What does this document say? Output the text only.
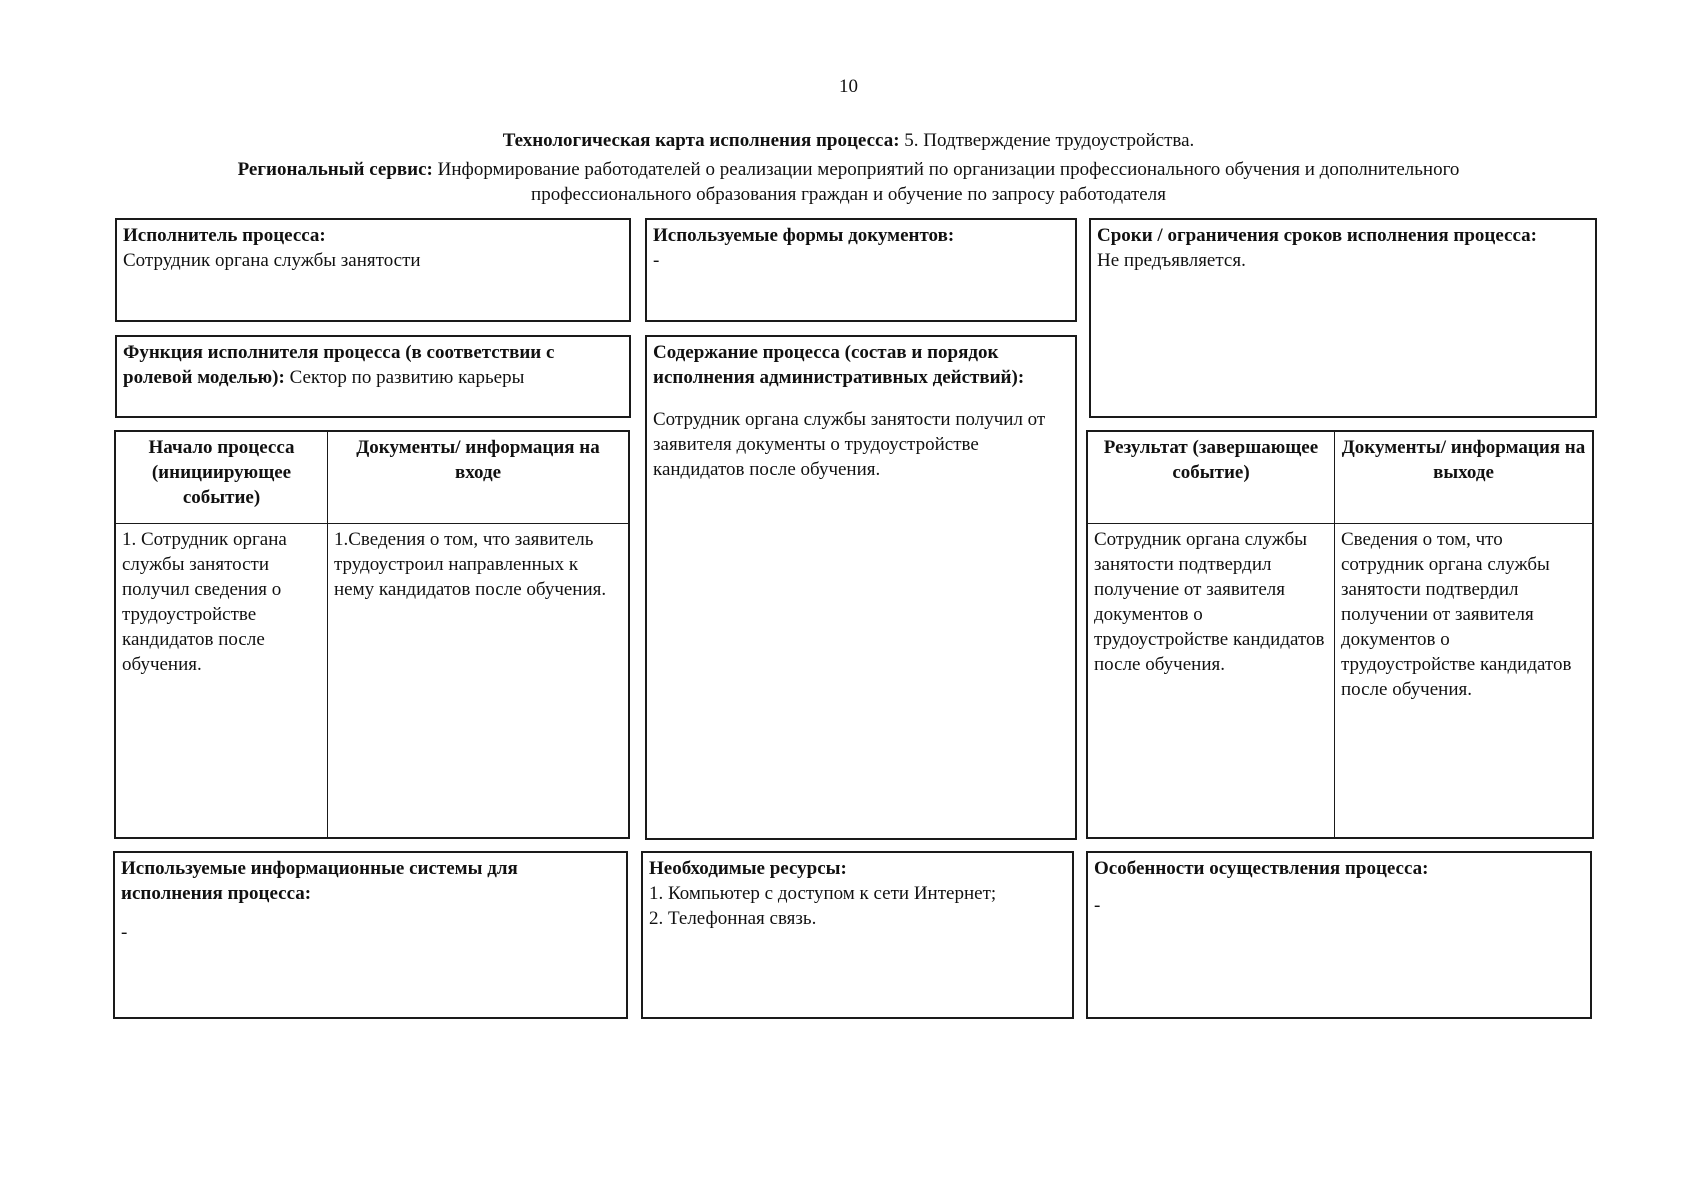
10
Технологическая карта исполнения процесса: 5. Подтверждение трудоустройства.
Региональный сервис: Информирование работодателей о реализации мероприятий по организации профессионального обучения и дополнительного
профессионального образования граждан и обучение по запросу работодателя

Исполнитель процесса:

Сотрудник органа службы занятости

Используемые формы документов:

-

Сроки / ограничения сроков исполнения процесса:

Не предъявляется.

Функция исполнителя процесса (в соответствии с ролевой моделью): Сектор по развитию карьеры

Содержание процесса (состав и порядок исполнения административных действий):

Сотрудник органа службы занятости получил от заявителя документы о трудоустройстве кандидатов после обучения.

Начало процесса (инициирующее событие)
Документы/ информация на входе
1. Сотрудник органа службы занятости получил сведения о трудоустройстве кандидатов после обучения.
1.Сведения о том, что заявитель трудоустроил направленных к нему кандидатов после обучения.
Результат (завершающее событие)
Документы/ информация на выходе
Сотрудник органа службы занятости подтвердил получение от заявителя документов о трудоустройстве кандидатов после обучения.
Сведения о том, что сотрудник органа службы занятости подтвердил получении от заявителя документов о трудоустройстве кандидатов после обучения.

Используемые информационные системы для исполнения процесса:

-

Необходимые ресурсы:

1. Компьютер с доступом к сети Интернет;

2. Телефонная связь.

Особенности осуществления процесса:

-
